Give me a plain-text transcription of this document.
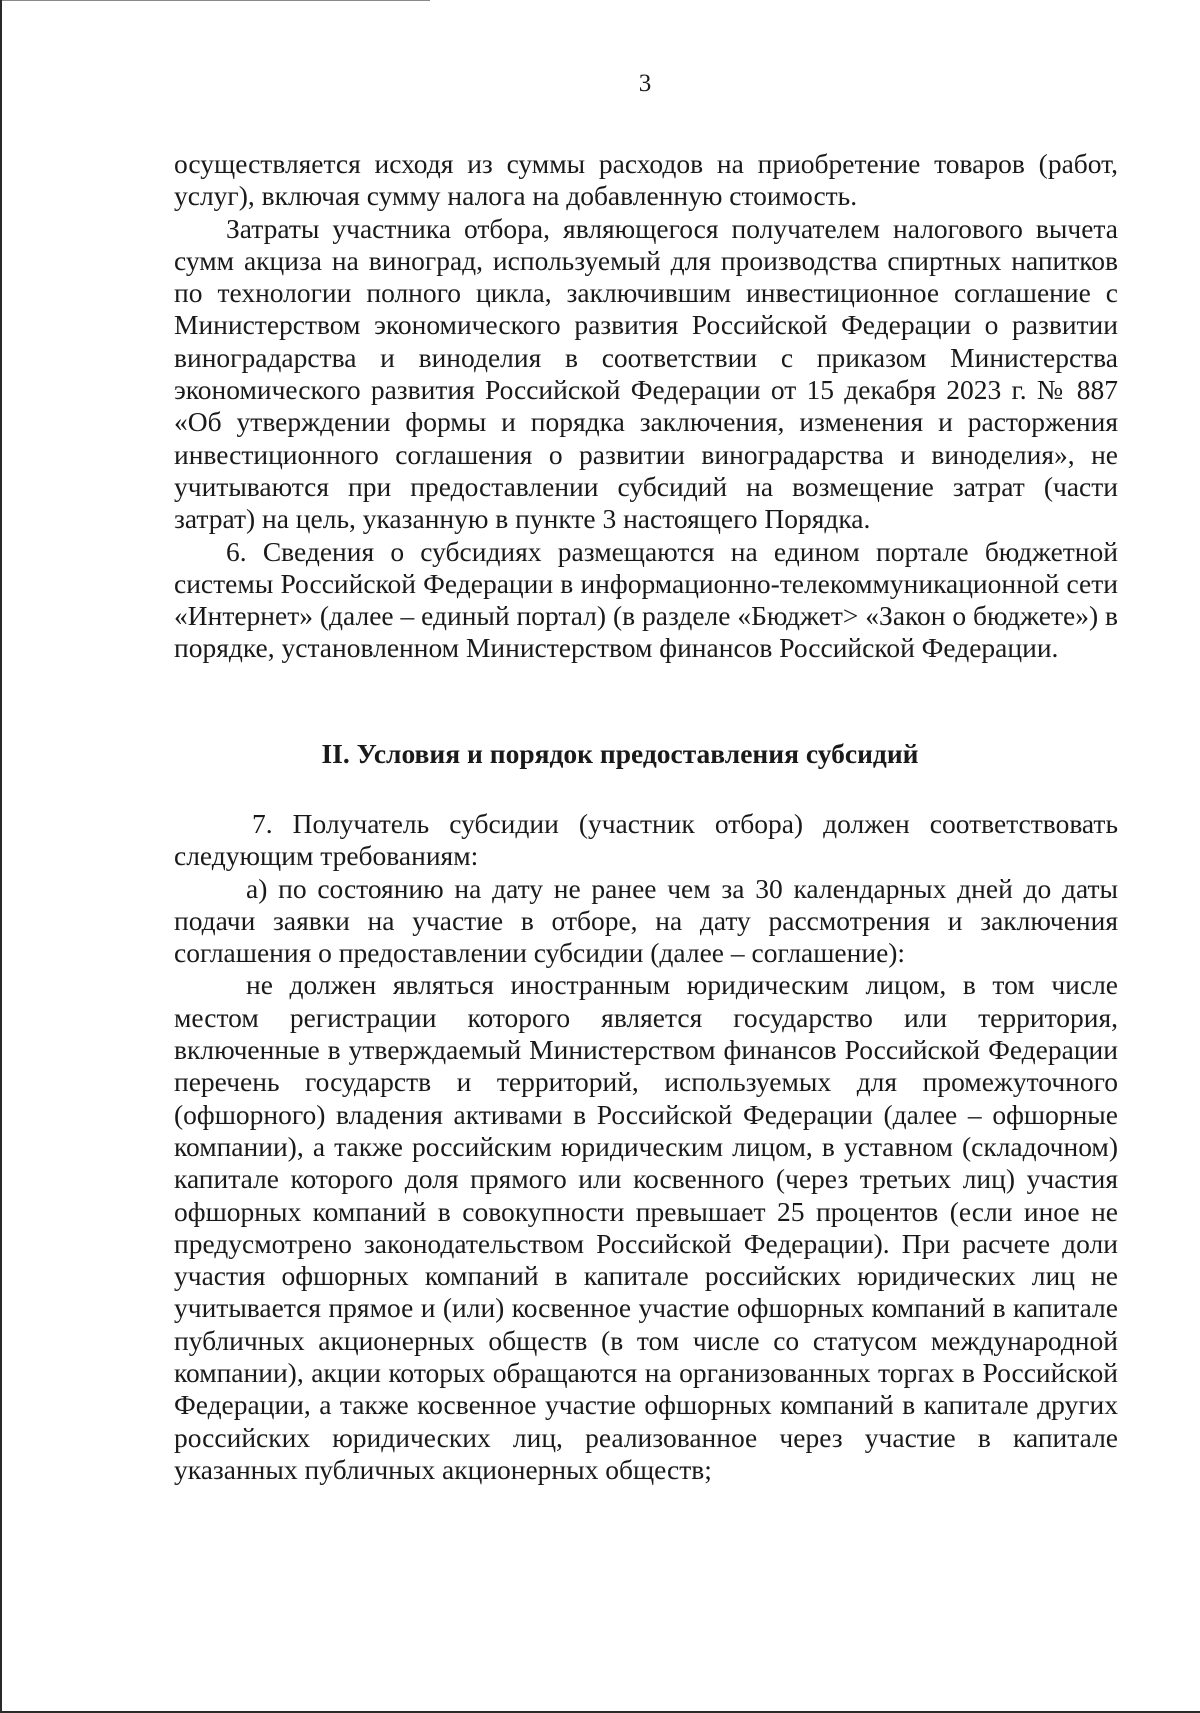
3

осуществляется исходя из суммы расходов на приобретение товаров (работ, услуг), включая сумму налога на добавленную стоимость.

Затраты участника отбора, являющегося получателем налогового вычета сумм акциза на виноград, используемый для производства спиртных напитков по технологии полного цикла, заключившим инвестиционное соглашение с Министерством экономического развития Российской Федерации о развитии виноградарства и виноделия в соответствии с приказом Министерства экономического развития Российской Федерации от 15 декабря 2023 г. № 887 «Об утверждении формы и порядка заключения, изменения и расторжения инвестиционного соглашения о развитии виноградарства и виноделия», не учитываются при предоставлении субсидий на возмещение затрат (части затрат) на цель, указанную в пункте 3 настоящего Порядка.

6. Сведения о субсидиях размещаются на едином портале бюджетной системы Российской Федерации в информационно-телекоммуникационной сети «Интернет» (далее – единый портал) (в разделе «Бюджет> «Закон о бюджете») в порядке, установленном Министерством финансов Российской Федерации.

II. Условия и порядок предоставления субсидий

7. Получатель субсидии (участник отбора) должен соответствовать следующим требованиям:

а) по состоянию на дату не ранее чем за 30 календарных дней до даты подачи заявки на участие в отборе, на дату рассмотрения и заключения соглашения о предоставлении субсидии (далее – соглашение):

не должен являться иностранным юридическим лицом, в том числе местом регистрации которого является государство или территория, включенные в утверждаемый Министерством финансов Российской Федерации перечень государств и территорий, используемых для промежуточного (офшорного) владения активами в Российской Федерации (далее – офшорные компании), а также российским юридическим лицом, в уставном (складочном) капитале которого доля прямого или косвенного (через третьих лиц) участия офшорных компаний в совокупности превышает 25 процентов (если иное не предусмотрено законодательством Российской Федерации). При расчете доли участия офшорных компаний в капитале российских юридических лиц не учитывается прямое и (или) косвенное участие офшорных компаний в капитале публичных акционерных обществ (в том числе со статусом международной компании), акции которых обращаются на организованных торгах в Российской Федерации, а также косвенное участие офшорных компаний в капитале других российских юридических лиц, реализованное через участие в капитале указанных публичных акционерных обществ;
